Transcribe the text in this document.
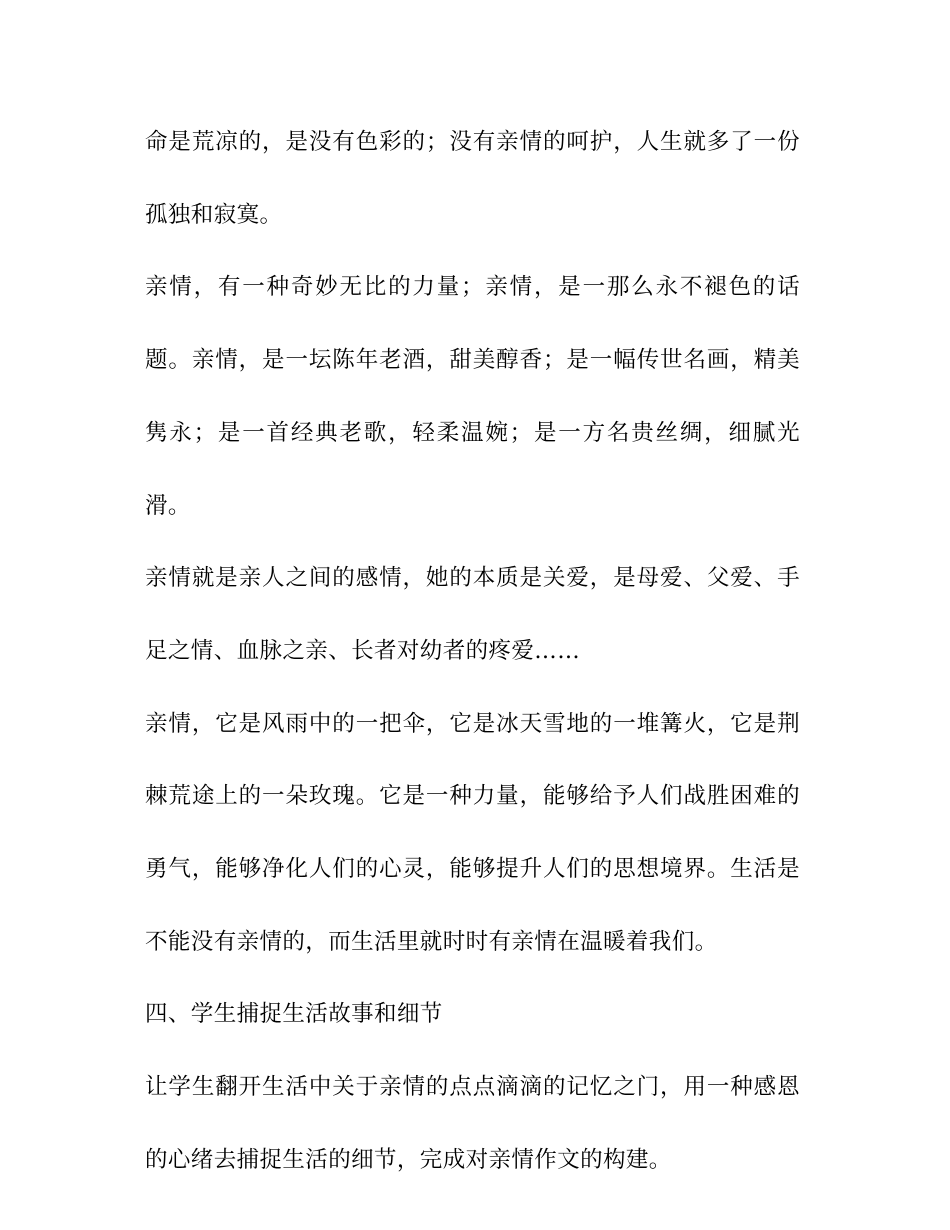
命是荒凉的，是没有色彩的；没有亲情的呵护，人生就多了一份孤独和寂寞。

亲情，有一种奇妙无比的力量；亲情，是一那么永不褪色的话题。亲情，是一坛陈年老酒，甜美醇香；是一幅传世名画，精美隽永；是一首经典老歌，轻柔温婉；是一方名贵丝绸，细腻光滑。

亲情就是亲人之间的感情，她的本质是关爱，是母爱、父爱、手足之情、血脉之亲、长者对幼者的疼爱……

亲情，它是风雨中的一把伞，它是冰天雪地的一堆篝火，它是荆棘荒途上的一朵玫瑰。它是一种力量，能够给予人们战胜困难的勇气，能够净化人们的心灵，能够提升人们的思想境界。生活是不能没有亲情的，而生活里就时时有亲情在温暖着我们。

四、学生捕捉生活故事和细节

让学生翻开生活中关于亲情的点点滴滴的记忆之门，用一种感恩的心绪去捕捉生活的细节，完成对亲情作文的构建。
